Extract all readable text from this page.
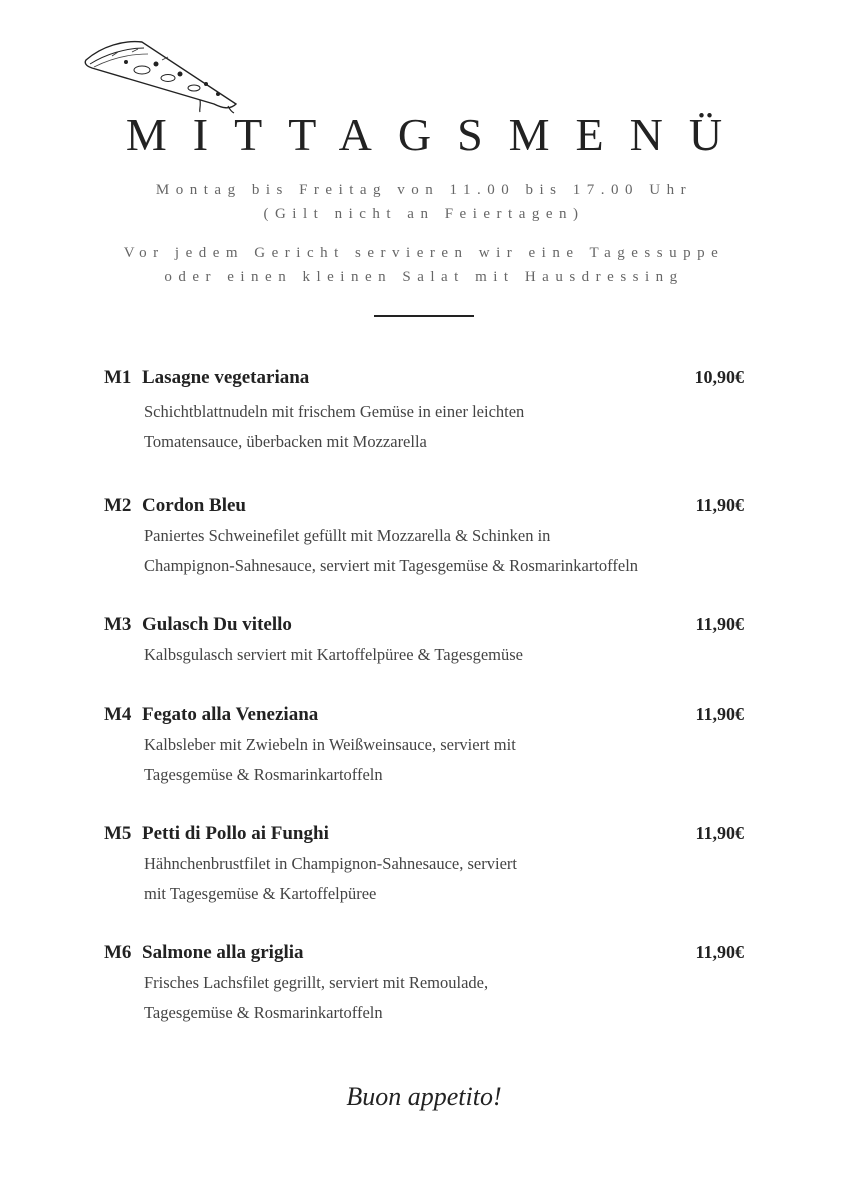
MITTAGSMENÜ
Montag bis Freitag von 11.00 bis 17.00 Uhr
(Gilt nicht an Feiertagen)
Vor jedem Gericht servieren wir eine Tagessuppe
oder einen kleinen Salat mit Hausdressing
M1 Lasagne vegetariana	10,90€
Schichtblattnudeln mit frischem Gemüse in einer leichten
Tomatensauce, überbacken mit Mozzarella
M2 Cordon Bleu	11,90€
Paniertes Schweinefilet gefüllt mit Mozzarella & Schinken in
Champignon-Sahnesauce, serviert mit Tagesgemüse & Rosmarinkartoffeln
M3 Gulasch Du vitello	11,90€
Kalbsgulasch serviert mit Kartoffelpüree & Tagesgemüse
M4 Fegato alla Veneziana	11,90€
Kalbsleber mit Zwiebeln in Weißweinsauce, serviert mit
Tagesgemüse & Rosmarinkartoffeln
M5 Petti di Pollo ai Funghi	11,90€
Hähnchenbrustfilet in Champignon-Sahnesauce, serviert
mit Tagesgemüse & Kartoffelpüree
M6 Salmone alla griglia	11,90€
Frisches Lachsfilet gegrillt, serviert mit Remoulade,
Tagesgemüse & Rosmarinkartoffeln
Buon appetito!
